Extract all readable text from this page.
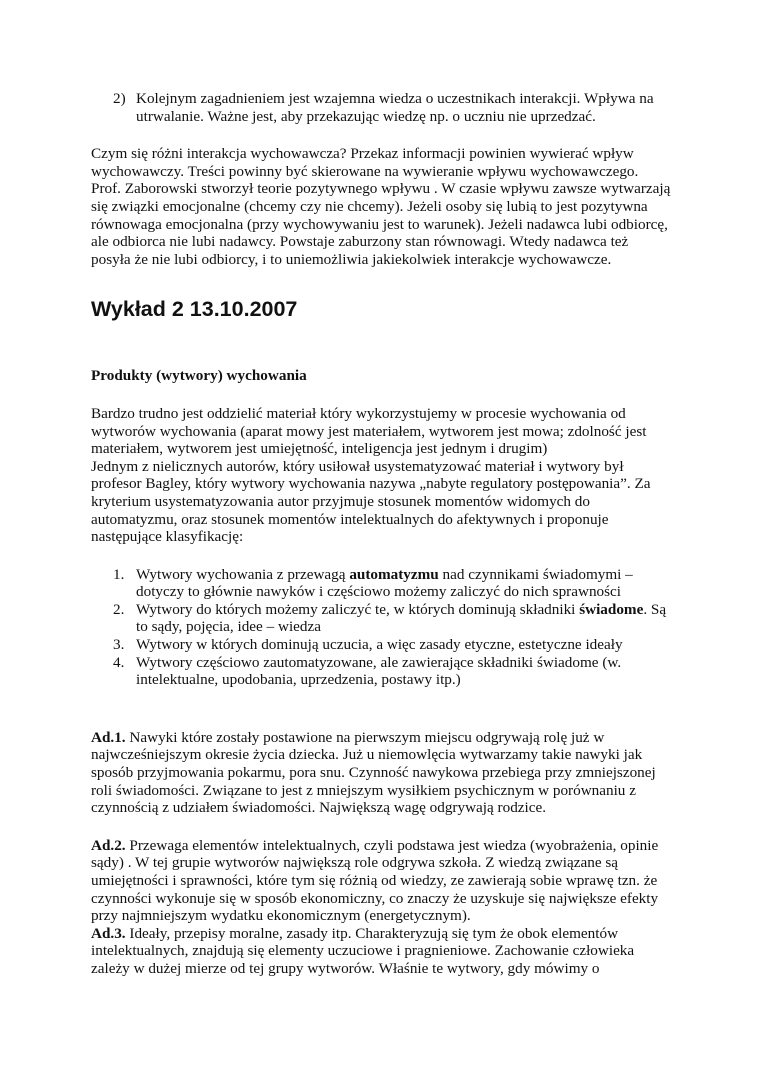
2) Kolejnym zagadnieniem jest wzajemna wiedza o uczestnikach interakcji. Wpływa na utrwalanie. Ważne jest, aby przekazując wiedzę np. o uczniu nie uprzedzać.

Czym się różni interakcja wychowawcza? Przekaz informacji powinien wywierać wpływ wychowawczy. Treści powinny być skierowane na wywieranie wpływu wychowawczego. Prof. Zaborowski stworzył teorie pozytywnego wpływu . W czasie wpływu zawsze wytwarzają się związki emocjonalne (chcemy czy nie chcemy). Jeżeli osoby się lubią to jest pozytywna równowaga emocjonalna (przy wychowywaniu jest to warunek). Jeżeli nadawca lubi odbiorcę, ale odbiorca nie lubi nadawcy. Powstaje zaburzony stan równowagi. Wtedy nadawca też posyła że nie lubi odbiorcy, i to uniemożliwia jakiekolwiek interakcje wychowawcze.

Wykład 2 13.10.2007
Produkty (wytwory) wychowania

Bardzo trudno jest oddzielić materiał który wykorzystujemy w procesie wychowania od wytworów wychowania (aparat mowy jest materiałem, wytworem jest mowa; zdolność jest materiałem, wytworem jest umiejętność, inteligencja jest jednym i drugim)

Jednym z nielicznych autorów, który usiłował usystematyzować materiał i wytwory był profesor Bagley, który wytwory wychowania nazywa „nabyte regulatory postępowania”. Za kryterium usystematyzowania autor przyjmuje stosunek momentów widomych do automatyzmu, oraz stosunek momentów intelektualnych do afektywnych i proponuje następujące klasyfikację:

1. Wytwory wychowania z przewagą automatyzmu nad czynnikami świadomymi – dotyczy to głównie nawyków i częściowo możemy zaliczyć do nich sprawności
2. Wytwory do których możemy zaliczyć te, w których dominują składniki świadome. Są to sądy, pojęcia, idee – wiedza
3. Wytwory w których dominują uczucia, a więc zasady etyczne, estetyczne ideały
4. Wytwory częściowo zautomatyzowane, ale zawierające składniki świadome (w. intelektualne, upodobania, uprzedzenia, postawy itp.)

Ad.1. Nawyki które zostały postawione na pierwszym miejscu odgrywają rolę już w najwcześniejszym okresie życia dziecka. Już u niemowlęcia wytwarzamy takie nawyki jak sposób przyjmowania pokarmu, pora snu. Czynność nawykowa przebiega przy zmniejszonej roli świadomości. Związane to jest z mniejszym wysiłkiem psychicznym w porównaniu z czynnością z udziałem świadomości. Największą wagę odgrywają rodzice.

Ad.2. Przewaga elementów intelektualnych, czyli podstawa jest wiedza (wyobrażenia, opinie sądy) . W tej grupie wytworów największą role odgrywa szkoła. Z wiedzą związane są umiejętności i sprawności, które tym się różnią od wiedzy, ze zawierają sobie wprawę tzn. że czynności wykonuje się w sposób ekonomiczny, co znaczy że uzyskuje się największe efekty przy najmniejszym wydatku ekonomicznym (energetycznym).

Ad.3. Ideały, przepisy moralne, zasady itp. Charakteryzują się tym że obok elementów intelektualnych, znajdują się elementy uczuciowe i pragnieniowe. Zachowanie człowieka zależy w dużej mierze od tej grupy wytworów. Właśnie te wytwory, gdy mówimy o
